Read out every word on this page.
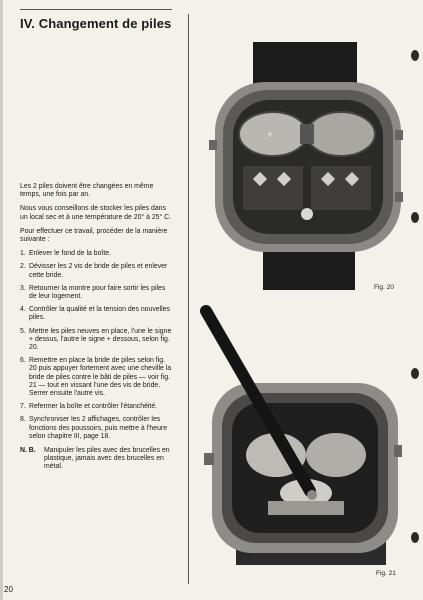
IV. Changement de piles

Les 2 piles doivent être changées en même temps, une fois par an.

Nous vous conseillons de stocker les piles dans un local sec et à une température de 20° à 25° C.

Pour effectuer ce travail, procéder de la manière suivante :

1. Enlever le fond de la boîte.
2. Dévisser les 2 vis de bride de piles et enlever cette bride.
3. Retourner la montre pour faire sortir les piles de leur logement.
4. Contrôler la qualité et la tension des nouvelles piles.
5. Mettre les piles neuves en place, l'une le signe + dessus, l'autre le signe + dessous, selon fig. 20.
6. Remettre en place la bride de piles selon fig. 20 puis appuyer fortement avec une cheville la bride de piles contre le bâti de piles — voir fig. 21 — tout en vissant l'une des vis de bride. Serrer ensuite l'autre vis.
7. Refermer la boîte et contrôler l'étanchéité.
8. Synchroniser les 2 affichages, contrôler les fonctions des poussoirs, puis mettre à l'heure selon chapitre III, page 18.
N. B.	Manipuler les piles avec des brucelles en plastique, jamais avec des brucelles en métal.
+
Fig. 20
Fig. 21
20
